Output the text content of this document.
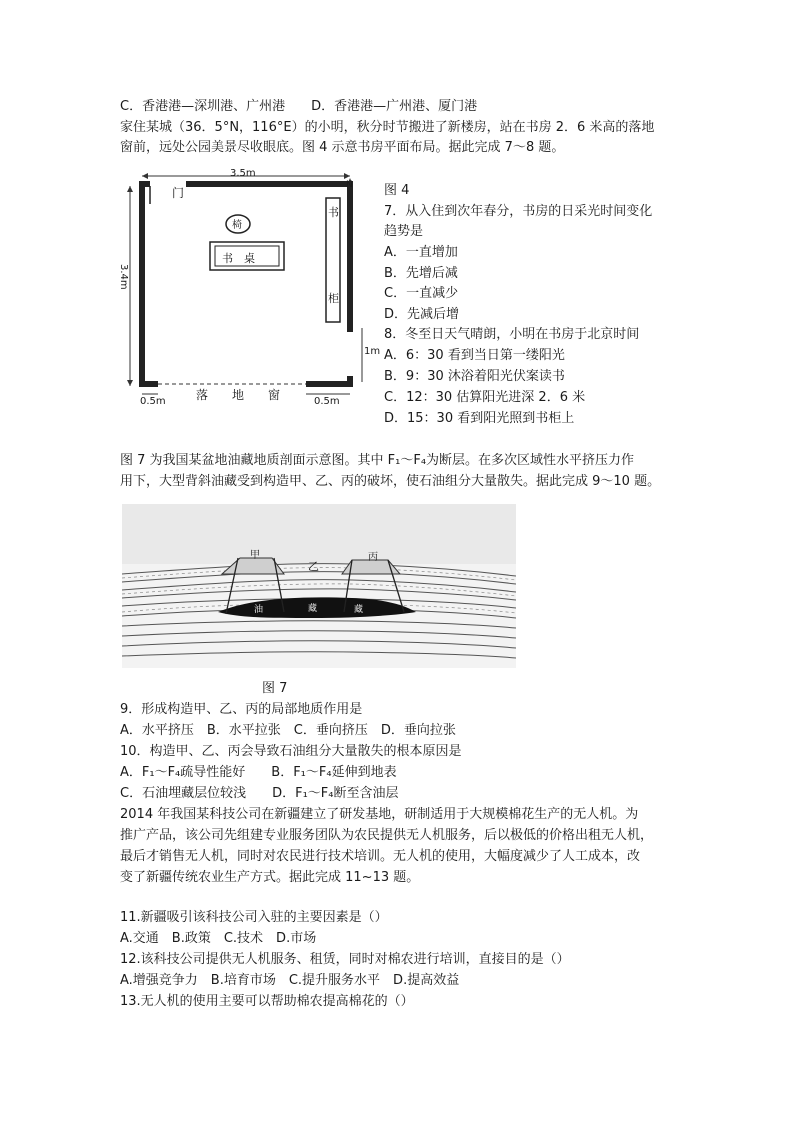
C．香港港—深圳港、广州港　　D．香港港—广州港、厦门港
家住某城（36．5°N，116°E）的小明，秋分时节搬进了新楼房，站在书房 2．6 米高的落地
窗前，远处公园美景尽收眼底。图 4 示意书房平面布局。据此完成 7～8 题。
3.5m
3.4m
门
椅
书　桌
书
柜
N
落　　地　　窗
0.5m	0.5m
1m
图 4
7．从入住到次年春分，书房的日采光时间变化
趋势是
A．一直增加
B．先增后减
C．一直减少
D．先减后增
8．冬至日天气晴朗，小明在书房于北京时间
A．6：30 看到当日第一缕阳光
B．9：30 沐浴着阳光伏案读书
C．12：30 估算阳光进深 2．6 米
D．15：30 看到阳光照到书柜上
图 7 为我国某盆地油藏地质剖面示意图。其中 F₁～F₄为断层。在多次区域性水平挤压力作
用下，大型背斜油藏受到构造甲、乙、丙的破坏，使石油组分大量散失。据此完成 9～10 题。
甲
乙
丙
油	藏	藏
图 7
9．形成构造甲、乙、丙的局部地质作用是
A．水平挤压　B．水平拉张　C．垂向挤压　D．垂向拉张
10．构造甲、乙、丙会导致石油组分大量散失的根本原因是
A．F₁～F₄疏导性能好　　B．F₁～F₄延伸到地表
C．石油埋藏层位较浅　　D．F₁～F₄断至含油层
2014 年我国某科技公司在新疆建立了研发基地，研制适用于大规模棉花生产的无人机。为
推广产品，该公司先组建专业服务团队为农民提供无人机服务，后以极低的价格出租无人机，
最后才销售无人机，同时对农民进行技术培训。无人机的使用，大幅度减少了人工成本，改
变了新疆传统农业生产方式。据此完成 11~13 题。
11.新疆吸引该科技公司入驻的主要因素是（）
A.交通　B.政策　C.技术　D.市场
12.该科技公司提供无人机服务、租赁，同时对棉农进行培训，直接目的是（）
A.增强竞争力　B.培育市场　C.提升服务水平　D.提高效益
13.无人机的使用主要可以帮助棉农提高棉花的（）
